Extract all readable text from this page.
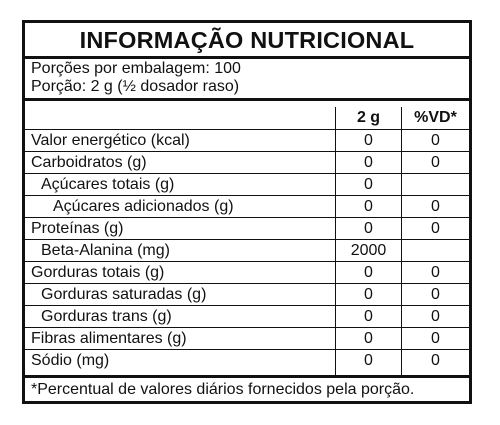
INFORMAÇÃO NUTRICIONAL
Porções por embalagem: 100
Porção: 2 g (½ dosador raso)
2 g	%VD*
Valor energético (kcal)	0	0
Carboidratos (g)	0	0
Açúcares totais (g)	0
Açúcares adicionados (g)	0	0
Proteínas (g)	0	0
Beta-Alanina (mg)	2000
Gorduras totais (g)	0	0
Gorduras saturadas (g)	0	0
Gorduras trans (g)	0	0
Fibras alimentares (g)	0	0
Sódio (mg)	0	0
*Percentual de valores diários fornecidos pela porção.
